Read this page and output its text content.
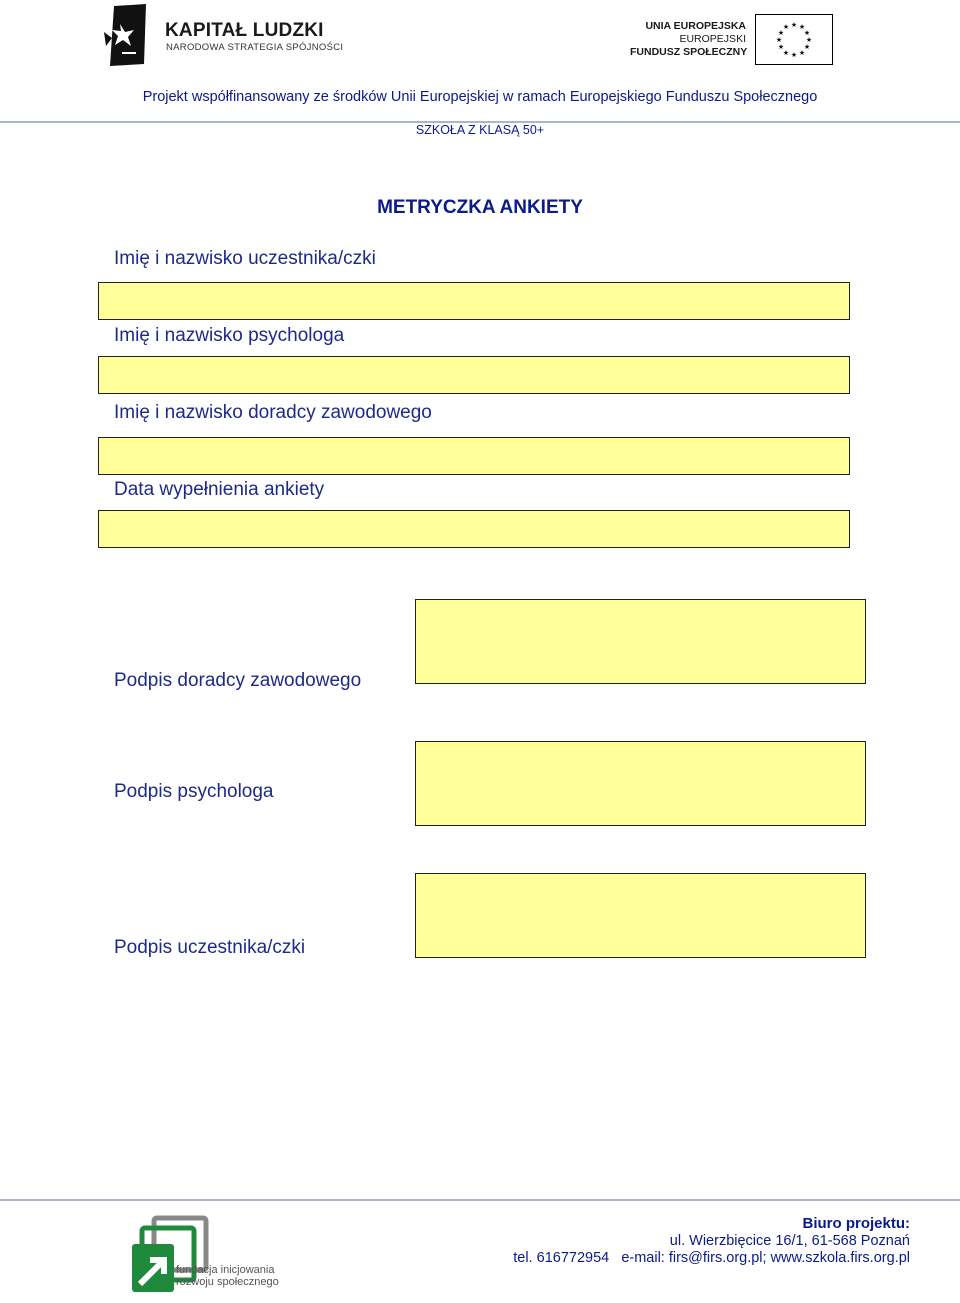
KAPITAŁ LUDZKI
NARODOWA STRATEGIA SPÓJNOŚCI
UNIA EUROPEJSKA
EUROPEJSKI
FUNDUSZ SPOŁECZNY
★ ★
★
★
★
★
★
★
★
★
★
★
Projekt współfinansowany ze środków Unii Europejskiej w ramach Europejskiego Funduszu Społecznego
SZKOŁA Z KLASĄ 50+
METRYCZKA ANKIETY
Imię i nazwisko uczestnika/czki
Imię i nazwisko psychologa
Imię i nazwisko doradcy zawodowego
Data wypełnienia ankiety
Podpis doradcy zawodowego
Podpis psychologa
Podpis uczestnika/czki
fundacja inicjowania
rozwoju społecznego
Biuro projektu:
ul. Wierzbięcice 16/1, 61-568 Poznań
tel. 616772954   e-mail: firs@firs.org.pl; www.szkola.firs.org.pl
